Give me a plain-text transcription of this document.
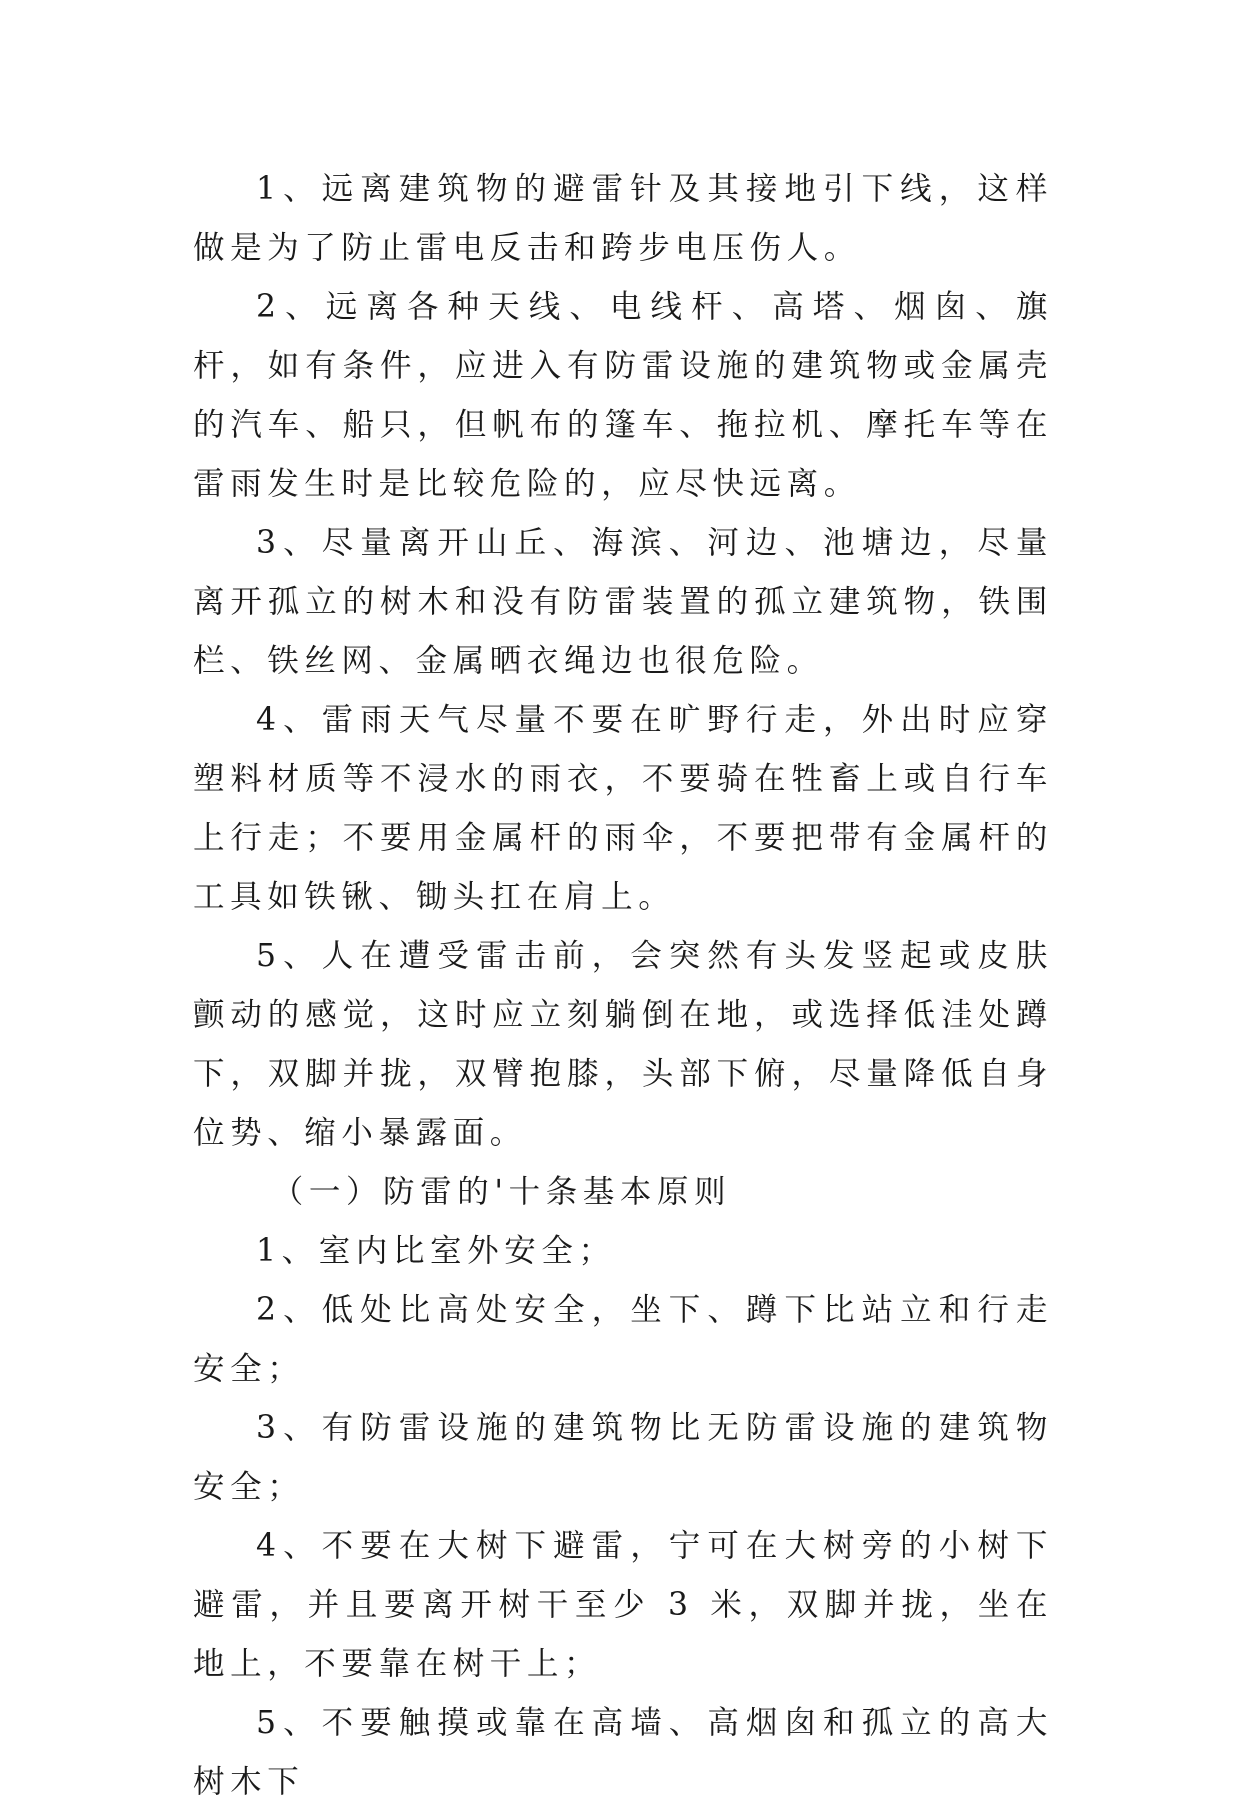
1、远离建筑物的避雷针及其接地引下线，这样做是为了防止雷电反击和跨步电压伤人。

2、远离各种天线、电线杆、高塔、烟囱、旗杆，如有条件，应进入有防雷设施的建筑物或金属壳的汽车、船只，但帆布的篷车、拖拉机、摩托车等在雷雨发生时是比较危险的，应尽快远离。

3、尽量离开山丘、海滨、河边、池塘边，尽量离开孤立的树木和没有防雷装置的孤立建筑物，铁围栏、铁丝网、金属晒衣绳边也很危险。

4、雷雨天气尽量不要在旷野行走，外出时应穿塑料材质等不浸水的雨衣，不要骑在牲畜上或自行车上行走；不要用金属杆的雨伞，不要把带有金属杆的工具如铁锹、锄头扛在肩上。

5、人在遭受雷击前，会突然有头发竖起或皮肤颤动的感觉，这时应立刻躺倒在地，或选择低洼处蹲下，双脚并拢，双臂抱膝，头部下俯，尽量降低自身位势、缩小暴露面。

（一）防雷的'十条基本原则

1、室内比室外安全；

2、低处比高处安全，坐下、蹲下比站立和行走安全；

3、有防雷设施的建筑物比无防雷设施的建筑物安全；

4、不要在大树下避雷，宁可在大树旁的小树下避雷，并且要离开树干至少 3 米，双脚并拢，坐在地上，不要靠在树干上；

5、不要触摸或靠在高墙、高烟囱和孤立的高大树木下
